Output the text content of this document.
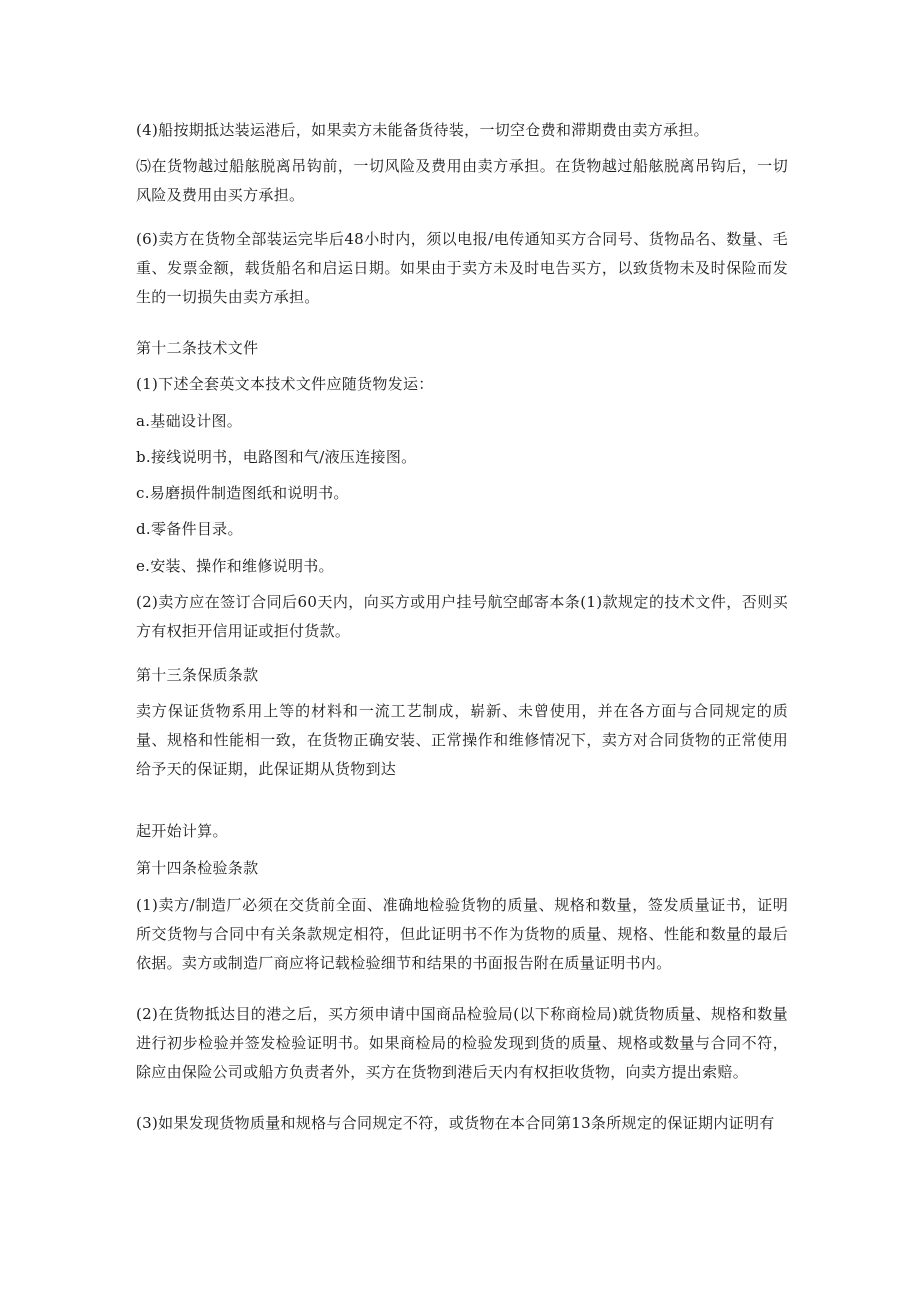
(4)船按期抵达装运港后，如果卖方未能备货待装，一切空仓费和滞期费由卖方承担。

⑸在货物越过船舷脱离吊钩前，一切风险及费用由卖方承担。在货物越过船舷脱离吊钩后，一切风险及费用由买方承担。

(6)卖方在货物全部装运完毕后48小时内，须以电报/电传通知买方合同号、货物品名、数量、毛重、发票金额，载货船名和启运日期。如果由于卖方未及时电告买方，以致货物未及时保险而发生的一切损失由卖方承担。

第十二条技术文件

(1)下述全套英文本技术文件应随货物发运：

a.基础设计图。

b.接线说明书，电路图和气/液压连接图。

c.易磨损件制造图纸和说明书。

d.零备件目录。

e.安装、操作和维修说明书。

(2)卖方应在签订合同后60天内，向买方或用户挂号航空邮寄本条(1)款规定的技术文件，否则买方有权拒开信用证或拒付货款。

第十三条保质条款

卖方保证货物系用上等的材料和一流工艺制成，崭新、未曾使用，并在各方面与合同规定的质量、规格和性能相一致，在货物正确安装、正常操作和维修情况下，卖方对合同货物的正常使用给予天的保证期，此保证期从货物到达

起开始计算。

第十四条检验条款

(1)卖方/制造厂必须在交货前全面、准确地检验货物的质量、规格和数量，签发质量证书，证明所交货物与合同中有关条款规定相符，但此证明书不作为货物的质量、规格、性能和数量的最后依据。卖方或制造厂商应将记载检验细节和结果的书面报告附在质量证明书内。

(2)在货物抵达目的港之后，买方须申请中国商品检验局(以下称商检局)就货物质量、规格和数量进行初步检验并签发检验证明书。如果商检局的检验发现到货的质量、规格或数量与合同不符，除应由保险公司或船方负责者外，买方在货物到港后天内有权拒收货物，向卖方提出索赔。

(3)如果发现货物质量和规格与合同规定不符，或货物在本合同第13条所规定的保证期内证明有
